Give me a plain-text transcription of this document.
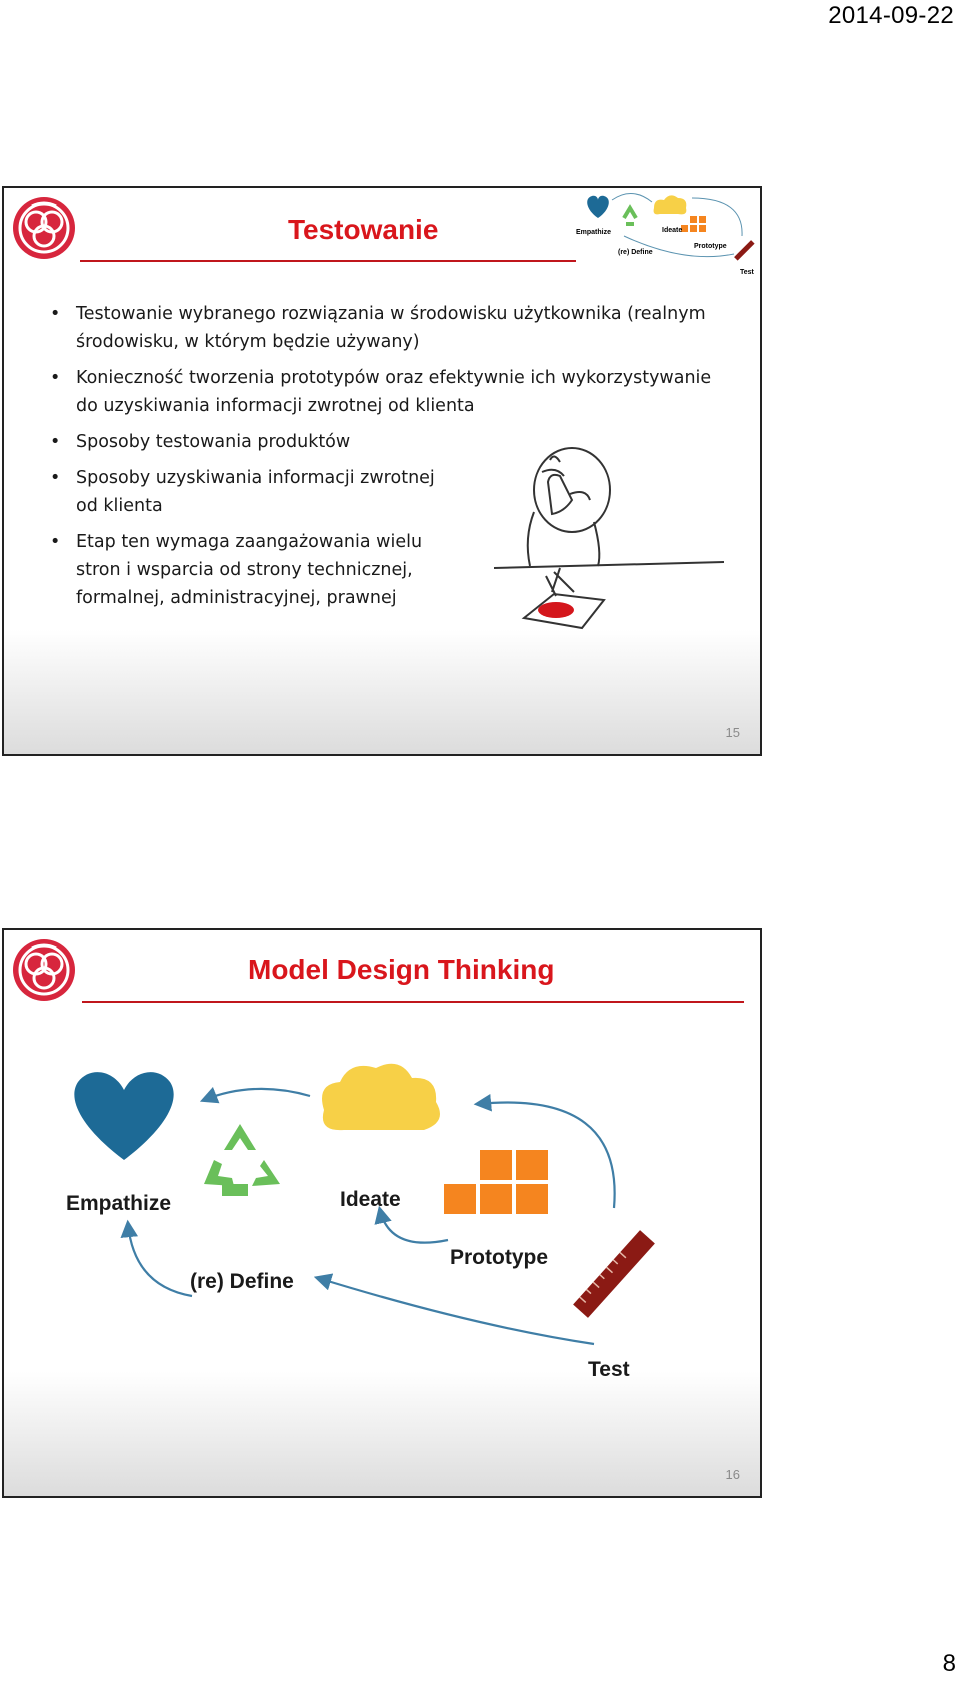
2014-09-22
Testowanie	Empathize	Ideate
(re) Define
Prototype
Test
• Testowanie wybranego rozwiązania w środowisku użytkownika (realnym środowisku, w którym będzie używany)
• Konieczność tworzenia prototypów oraz efektywnie ich wykorzystywanie do uzyskiwania informacji zwrotnej od klienta
• Sposoby testowania produktów
• Sposoby uzyskiwania informacji zwrotnej od klienta
• Etap ten wymaga zaangażowania wielu stron i wsparcia od strony technicznej, formalnej, administracyjnej, prawnej
15
Model Design Thinking
Empathize	Ideate
(re) Define
Prototype
Test
16
8
